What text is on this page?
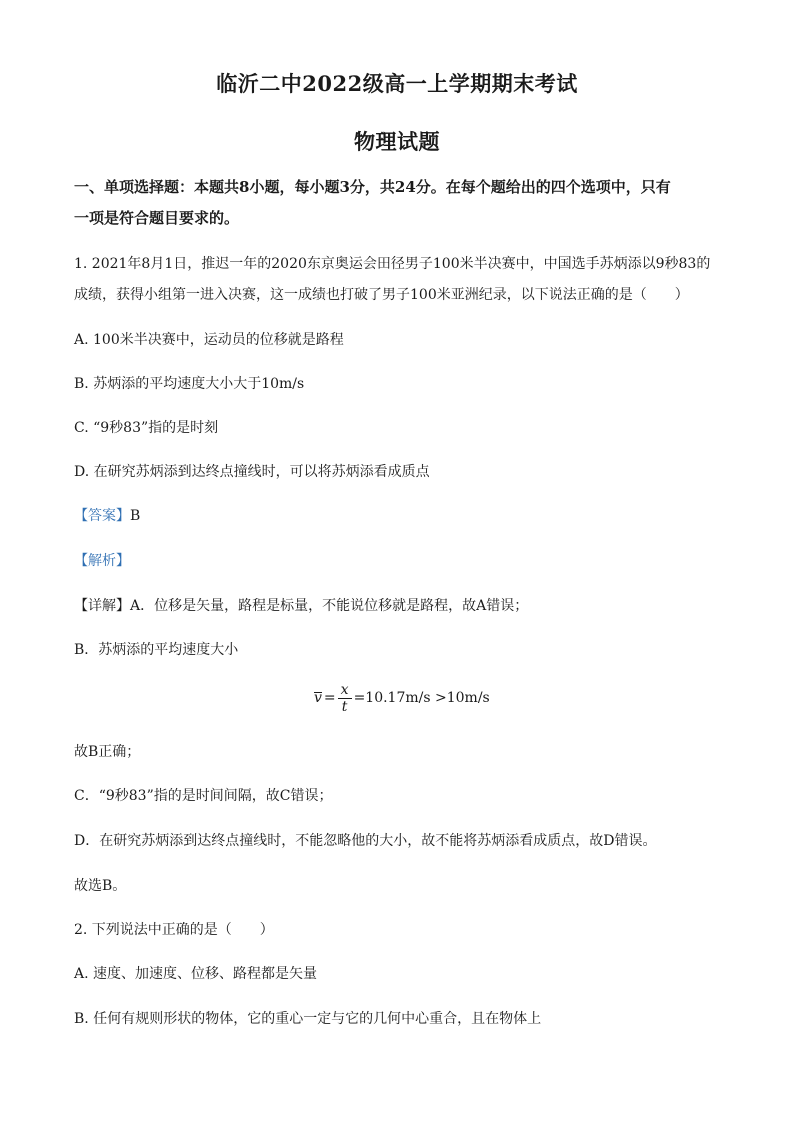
临沂二中2022级高一上学期期末考试
物理试题
一、单项选择题：本题共8小题，每小题3分，共24分。在每个题给出的四个选项中，只有
一项是符合题目要求的。
1. 2021年8月1日，推迟一年的2020东京奥运会田径男子100米半决赛中，中国选手苏炳添以9秒83的
成绩，获得小组第一进入决赛，这一成绩也打破了男子100米亚洲纪录，以下说法正确的是（　　）
A. 100米半决赛中，运动员的位移就是路程
B. 苏炳添的平均速度大小大于10m/s
C. “9秒83”指的是时刻
D. 在研究苏炳添到达终点撞线时，可以将苏炳添看成质点
【答案】B
【解析】
【详解】A．位移是矢量，路程是标量，不能说位移就是路程，故A错误；
B．苏炳添的平均速度大小
$v = \frac{x}{t} =10.17m/s >10m/s$
故B正确；
C．“9秒83”指的是时间间隔，故C错误；
D．在研究苏炳添到达终点撞线时，不能忽略他的大小，故不能将苏炳添看成质点，故D错误。
故选B。
2. 下列说法中正确的是（　　）
A. 速度、加速度、位移、路程都是矢量
B. 任何有规则形状的物体，它的重心一定与它的几何中心重合，且在物体上
